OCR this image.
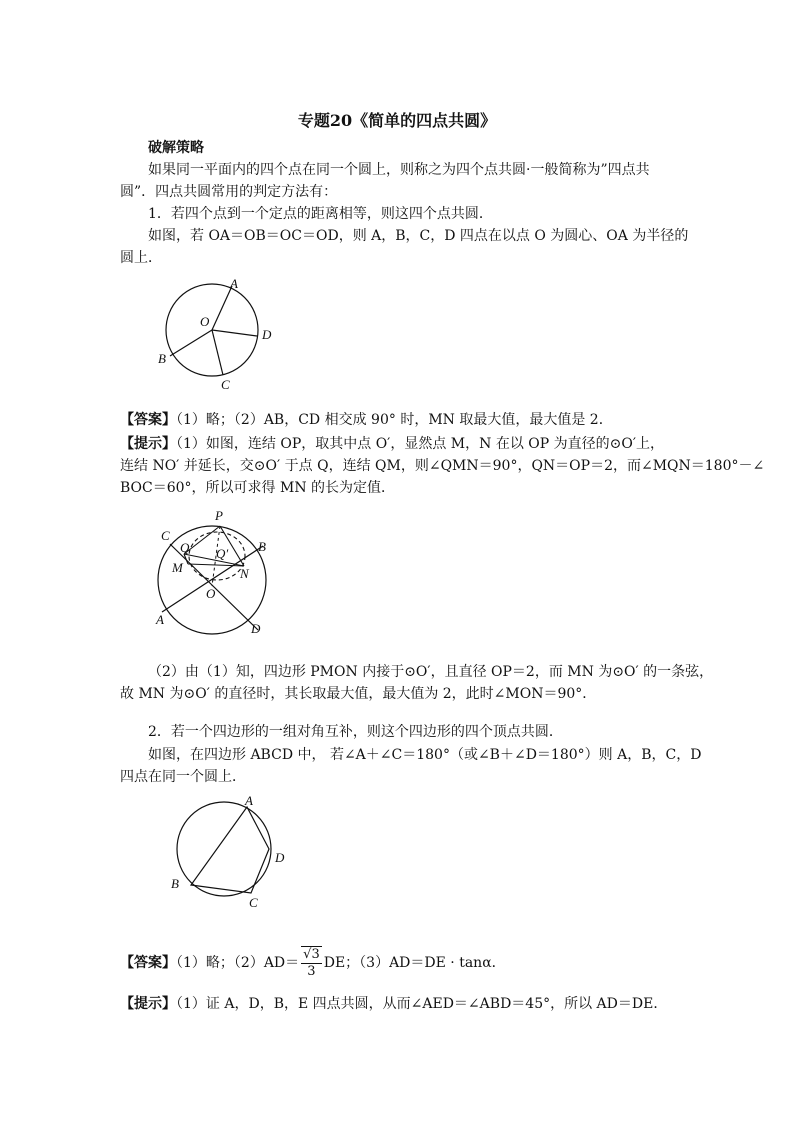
专题20《简单的四点共圆》
破解策略
如果同一平面内的四个点在同一个圆上，则称之为四个点共圆·一般简称为”四点共
圆”．四点共圆常用的判定方法有：
1．若四个点到一个定点的距离相等，则这四个点共圆．
如图，若 OA＝OB＝OC＝OD，则 A，B，C，D 四点在以点 O 为圆心、OA 为半径的
圆上．
A
O
D
B
C
【答案】（1）略；（2）AB，CD 相交成 90° 时，MN 取最大值，最大值是 2．
【提示】（1）如图，连结 OP，取其中点 O′，显然点 M，N 在以 OP 为直径的⊙O′上，
连结 NO′ 并延长，交⊙O′ 于点 Q，连结 QM，则∠QMN＝90°，QN＝OP＝2，而∠MQN＝180°－∠
BOC＝60°，所以可求得 MN 的长为定值．
P
C
B
Q Q′
M	N
O
A
D
（2）由（1）知，四边形 PMON 内接于⊙O′，且直径 OP＝2，而 MN 为⊙O′ 的一条弦，
故 MN 为⊙O′ 的直径时，其长取最大值，最大值为 2，此时∠MON＝90°．
2．若一个四边形的一组对角互补，则这个四边形的四个顶点共圆．
如图，在四边形 ABCD 中， 若∠A＋∠C＝180°（或∠B＋∠D＝180°）则 A，B，C，D
四点在同一个圆上．
A
D
B
C
【答案】（1）略；$(2)AD= \frac{√3}{3}$ DE；（3）AD＝DE · tanα．
【提示】（1）证 A，D，B，E 四点共圆，从而∠AED＝∠ABD＝45°，所以 AD＝DE．
